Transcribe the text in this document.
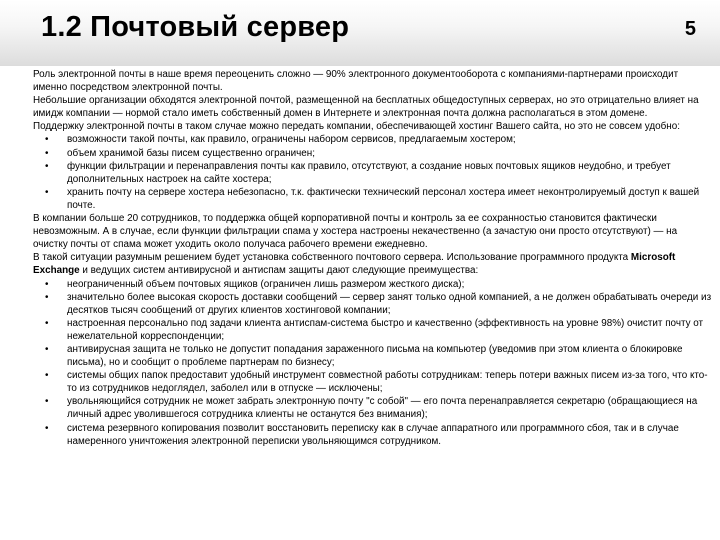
1.2 Почтовый сервер	5

Роль электронной почты в наше время переоценить сложно — 90% электронного документооборота с компаниями-партнерами происходит именно посредством электронной почты.

Небольшие организации обходятся электронной почтой, размещенной на бесплатных общедоступных серверах, но это отрицательно влияет на имидж компании — нормой стало иметь собственный домен в Интернете и электронная почта должна располагаться в этом домене.

Поддержку электронной почты в таком случае можно передать компании, обеспечивающей хостинг Вашего сайта, но это не совсем удобно:

• возможности такой почты, как правило, ограничены набором сервисов, предлагаемым хостером;
• объем хранимой базы писем существенно ограничен;
• функции фильтрации и перенаправления почты как правило, отсутствуют, а создание новых почтовых ящиков неудобно, и требует дополнительных настроек на сайте хостера;
• хранить почту на сервере хостера небезопасно, т.к. фактически технический персонал хостера имеет неконтролируемый доступ к вашей почте.

В компании больше 20 сотрудников, то поддержка общей корпоративной почты и контроль за ее сохранностью становится фактически невозможным. А в случае, если функции фильтрации спама у хостера настроены некачественно (а зачастую они просто отсутствуют) — на очистку почты от спама может уходить около получаса рабочего времени ежедневно.

В такой ситуации разумным решением будет установка собственного почтового сервера. Использование программного продукта Microsoft Exchange и ведущих систем антивирусной и антиспам защиты дают следующие преимущества:

• неограниченный объем почтовых ящиков (ограничен лишь размером жесткого диска);
• значительно более высокая скорость доставки сообщений — сервер занят только одной компанией, а не должен обрабатывать очереди из десятков тысяч сообщений от других клиентов хостинговой компании;
• настроенная персонально под задачи клиента антиспам-система быстро и качественно (эффективность на уровне 98%) очистит почту от нежелательной корреспонденции;
• антивирусная защита не только не допустит попадания зараженного письма на компьютер (уведомив при этом клиента о блокировке письма), но и сообщит о проблеме партнерам по бизнесу;
• системы общих папок предоставит удобный инструмент совместной работы сотрудникам: теперь потери важных писем из-за того, что кто-то из сотрудников недоглядел, заболел или в отпуске — исключены;
• увольняющийся сотрудник не может забрать электронную почту "с собой" — его почта перенаправляется секретарю (обращающиеся на личный адрес уволившегося сотрудника клиенты не останутся без внимания);
• система резервного копирования позволит восстановить переписку как в случае аппаратного или программного сбоя, так и в случае намеренного уничтожения электронной переписки увольняющимся сотрудником.
